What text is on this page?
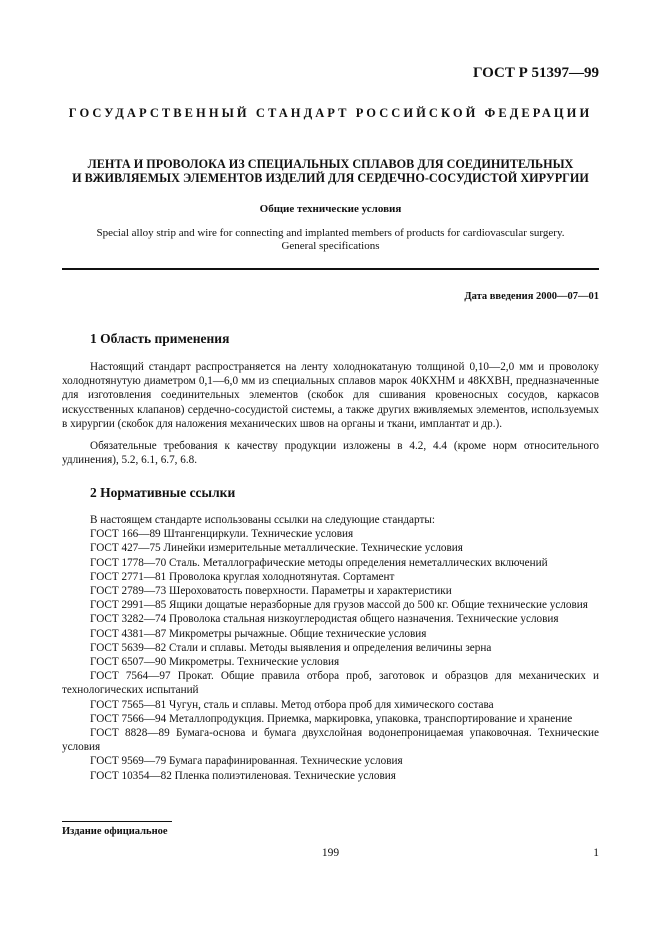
ГОСТ Р 51397—99
ГОСУДАРСТВЕННЫЙ СТАНДАРТ РОССИЙСКОЙ ФЕДЕРАЦИИ
ЛЕНТА И ПРОВОЛОКА ИЗ СПЕЦИАЛЬНЫХ СПЛАВОВ ДЛЯ СОЕДИНИТЕЛЬНЫХ
И ВЖИВЛЯЕМЫХ ЭЛЕМЕНТОВ ИЗДЕЛИЙ ДЛЯ СЕРДЕЧНО-СОСУДИСТОЙ ХИРУРГИИ
Общие технические условия
Special alloy strip and wire for connecting and implanted members of products for cardiovascular surgery.
General specifications
Дата введения 2000—07—01
1 Область применения
Настоящий стандарт распространяется на ленту холоднокатаную толщиной 0,10—2,0 мм и проволоку холоднотянутую диаметром 0,1—6,0 мм из специальных сплавов марок 40КХНМ и 48КХВН, предназначенные для изготовления соединительных элементов (скобок для сшивания кровеносных сосудов, каркасов искусственных клапанов) сердечно-сосудистой системы, а также других вживляемых элементов, используемых в хирургии (скобок для наложения механических швов на органы и ткани, имплантат и др.).
Обязательные требования к качеству продукции изложены в 4.2, 4.4 (кроме норм относительного удлинения), 5.2, 6.1, 6.7, 6.8.
2 Нормативные ссылки
В настоящем стандарте использованы ссылки на следующие стандарты:
ГОСТ 166—89 Штангенциркули. Технические условия
ГОСТ 427—75 Линейки измерительные металлические. Технические условия
ГОСТ 1778—70 Сталь. Металлографические методы определения неметаллических включений
ГОСТ 2771—81 Проволока круглая холоднотянутая. Сортамент
ГОСТ 2789—73 Шероховатость поверхности. Параметры и характеристики
ГОСТ 2991—85 Ящики дощатые неразборные для грузов массой до 500 кг. Общие технические условия
ГОСТ 3282—74 Проволока стальная низкоуглеродистая общего назначения. Технические условия
ГОСТ 4381—87 Микрометры рычажные. Общие технические условия
ГОСТ 5639—82 Стали и сплавы. Методы выявления и определения величины зерна
ГОСТ 6507—90 Микрометры. Технические условия
ГОСТ 7564—97 Прокат. Общие правила отбора проб, заготовок и образцов для механических и технологических испытаний
ГОСТ 7565—81 Чугун, сталь и сплавы. Метод отбора проб для химического состава
ГОСТ 7566—94 Металлопродукция. Приемка, маркировка, упаковка, транспортирование и хранение
ГОСТ 8828—89 Бумага-основа и бумага двухслойная водонепроницаемая упаковочная. Технические условия
ГОСТ 9569—79 Бумага парафинированная. Технические условия
ГОСТ 10354—82 Пленка полиэтиленовая. Технические условия
Издание официальное
199	1
